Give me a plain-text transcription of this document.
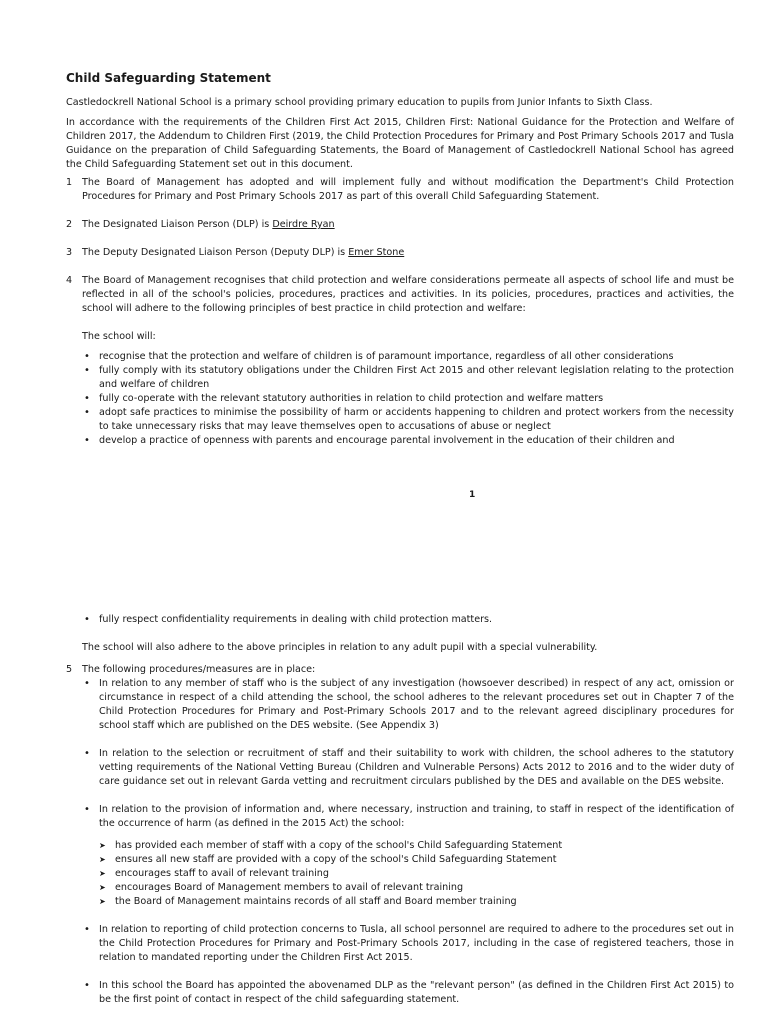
Child Safeguarding Statement

Castledockrell National School is a primary school providing primary education to pupils from Junior Infants to Sixth Class.

In accordance with the requirements of the Children First Act 2015, Children First: National Guidance for the Protection and Welfare of Children 2017, the Addendum to Children First (2019, the Child Protection Procedures for Primary and Post Primary Schools 2017 and Tusla Guidance on the preparation of Child Safeguarding Statements, the Board of Management of Castledockrell National School has agreed the Child Safeguarding Statement set out in this document.

1 The Board of Management has adopted and will implement fully and without modification the Department's Child Protection Procedures for Primary and Post Primary Schools 2017 as part of this overall Child Safeguarding Statement.
2 The Designated Liaison Person (DLP) is Deirdre Ryan
3 The Deputy Designated Liaison Person (Deputy DLP) is Emer Stone
4 The Board of Management recognises that child protection and welfare considerations permeate all aspects of school life and must be reflected in all of the school's policies, procedures, practices and activities. In its policies, procedures, practices and activities, the school will adhere to the following principles of best practice in child protection and welfare:
The school will:
• recognise that the protection and welfare of children is of paramount importance, regardless of all other considerations
• fully comply with its statutory obligations under the Children First Act 2015 and other relevant legislation relating to the protection and welfare of children
• fully co-operate with the relevant statutory authorities in relation to child protection and welfare matters
• adopt safe practices to minimise the possibility of harm or accidents happening to children and protect workers from the necessity to take unnecessary risks that may leave themselves open to accusations of abuse or neglect
• develop a practice of openness with parents and encourage parental involvement in the education of their children and
1
• fully respect confidentiality requirements in dealing with child protection matters.
The school will also adhere to the above principles in relation to any adult pupil with a special vulnerability.
5 The following procedures/measures are in place:
• In relation to any member of staff who is the subject of any investigation (howsoever described) in respect of any act, omission or circumstance in respect of a child attending the school, the school adheres to the relevant procedures set out in Chapter 7 of the Child Protection Procedures for Primary and Post-Primary Schools 2017 and to the relevant agreed disciplinary procedures for school staff which are published on the DES website. (See Appendix 3)
• In relation to the selection or recruitment of staff and their suitability to work with children, the school adheres to the statutory vetting requirements of the National Vetting Bureau (Children and Vulnerable Persons) Acts 2012 to 2016 and to the wider duty of care guidance set out in relevant Garda vetting and recruitment circulars published by the DES and available on the DES website.
• In relation to the provision of information and, where necessary, instruction and training, to staff in respect of the identification of the occurrence of harm (as defined in the 2015 Act) the school:
➤ has provided each member of staff with a copy of the school's Child Safeguarding Statement
➤ ensures all new staff are provided with a copy of the school's Child Safeguarding Statement
➤ encourages staff to avail of relevant training
➤ encourages Board of Management members to avail of relevant training
➤ the Board of Management maintains records of all staff and Board member training
• In relation to reporting of child protection concerns to Tusla, all school personnel are required to adhere to the procedures set out in the Child Protection Procedures for Primary and Post-Primary Schools 2017, including in the case of registered teachers, those in relation to mandated reporting under the Children First Act 2015.
• In this school the Board has appointed the abovenamed DLP as the "relevant person" (as defined in the Children First Act 2015) to be the first point of contact in respect of the child safeguarding statement.
